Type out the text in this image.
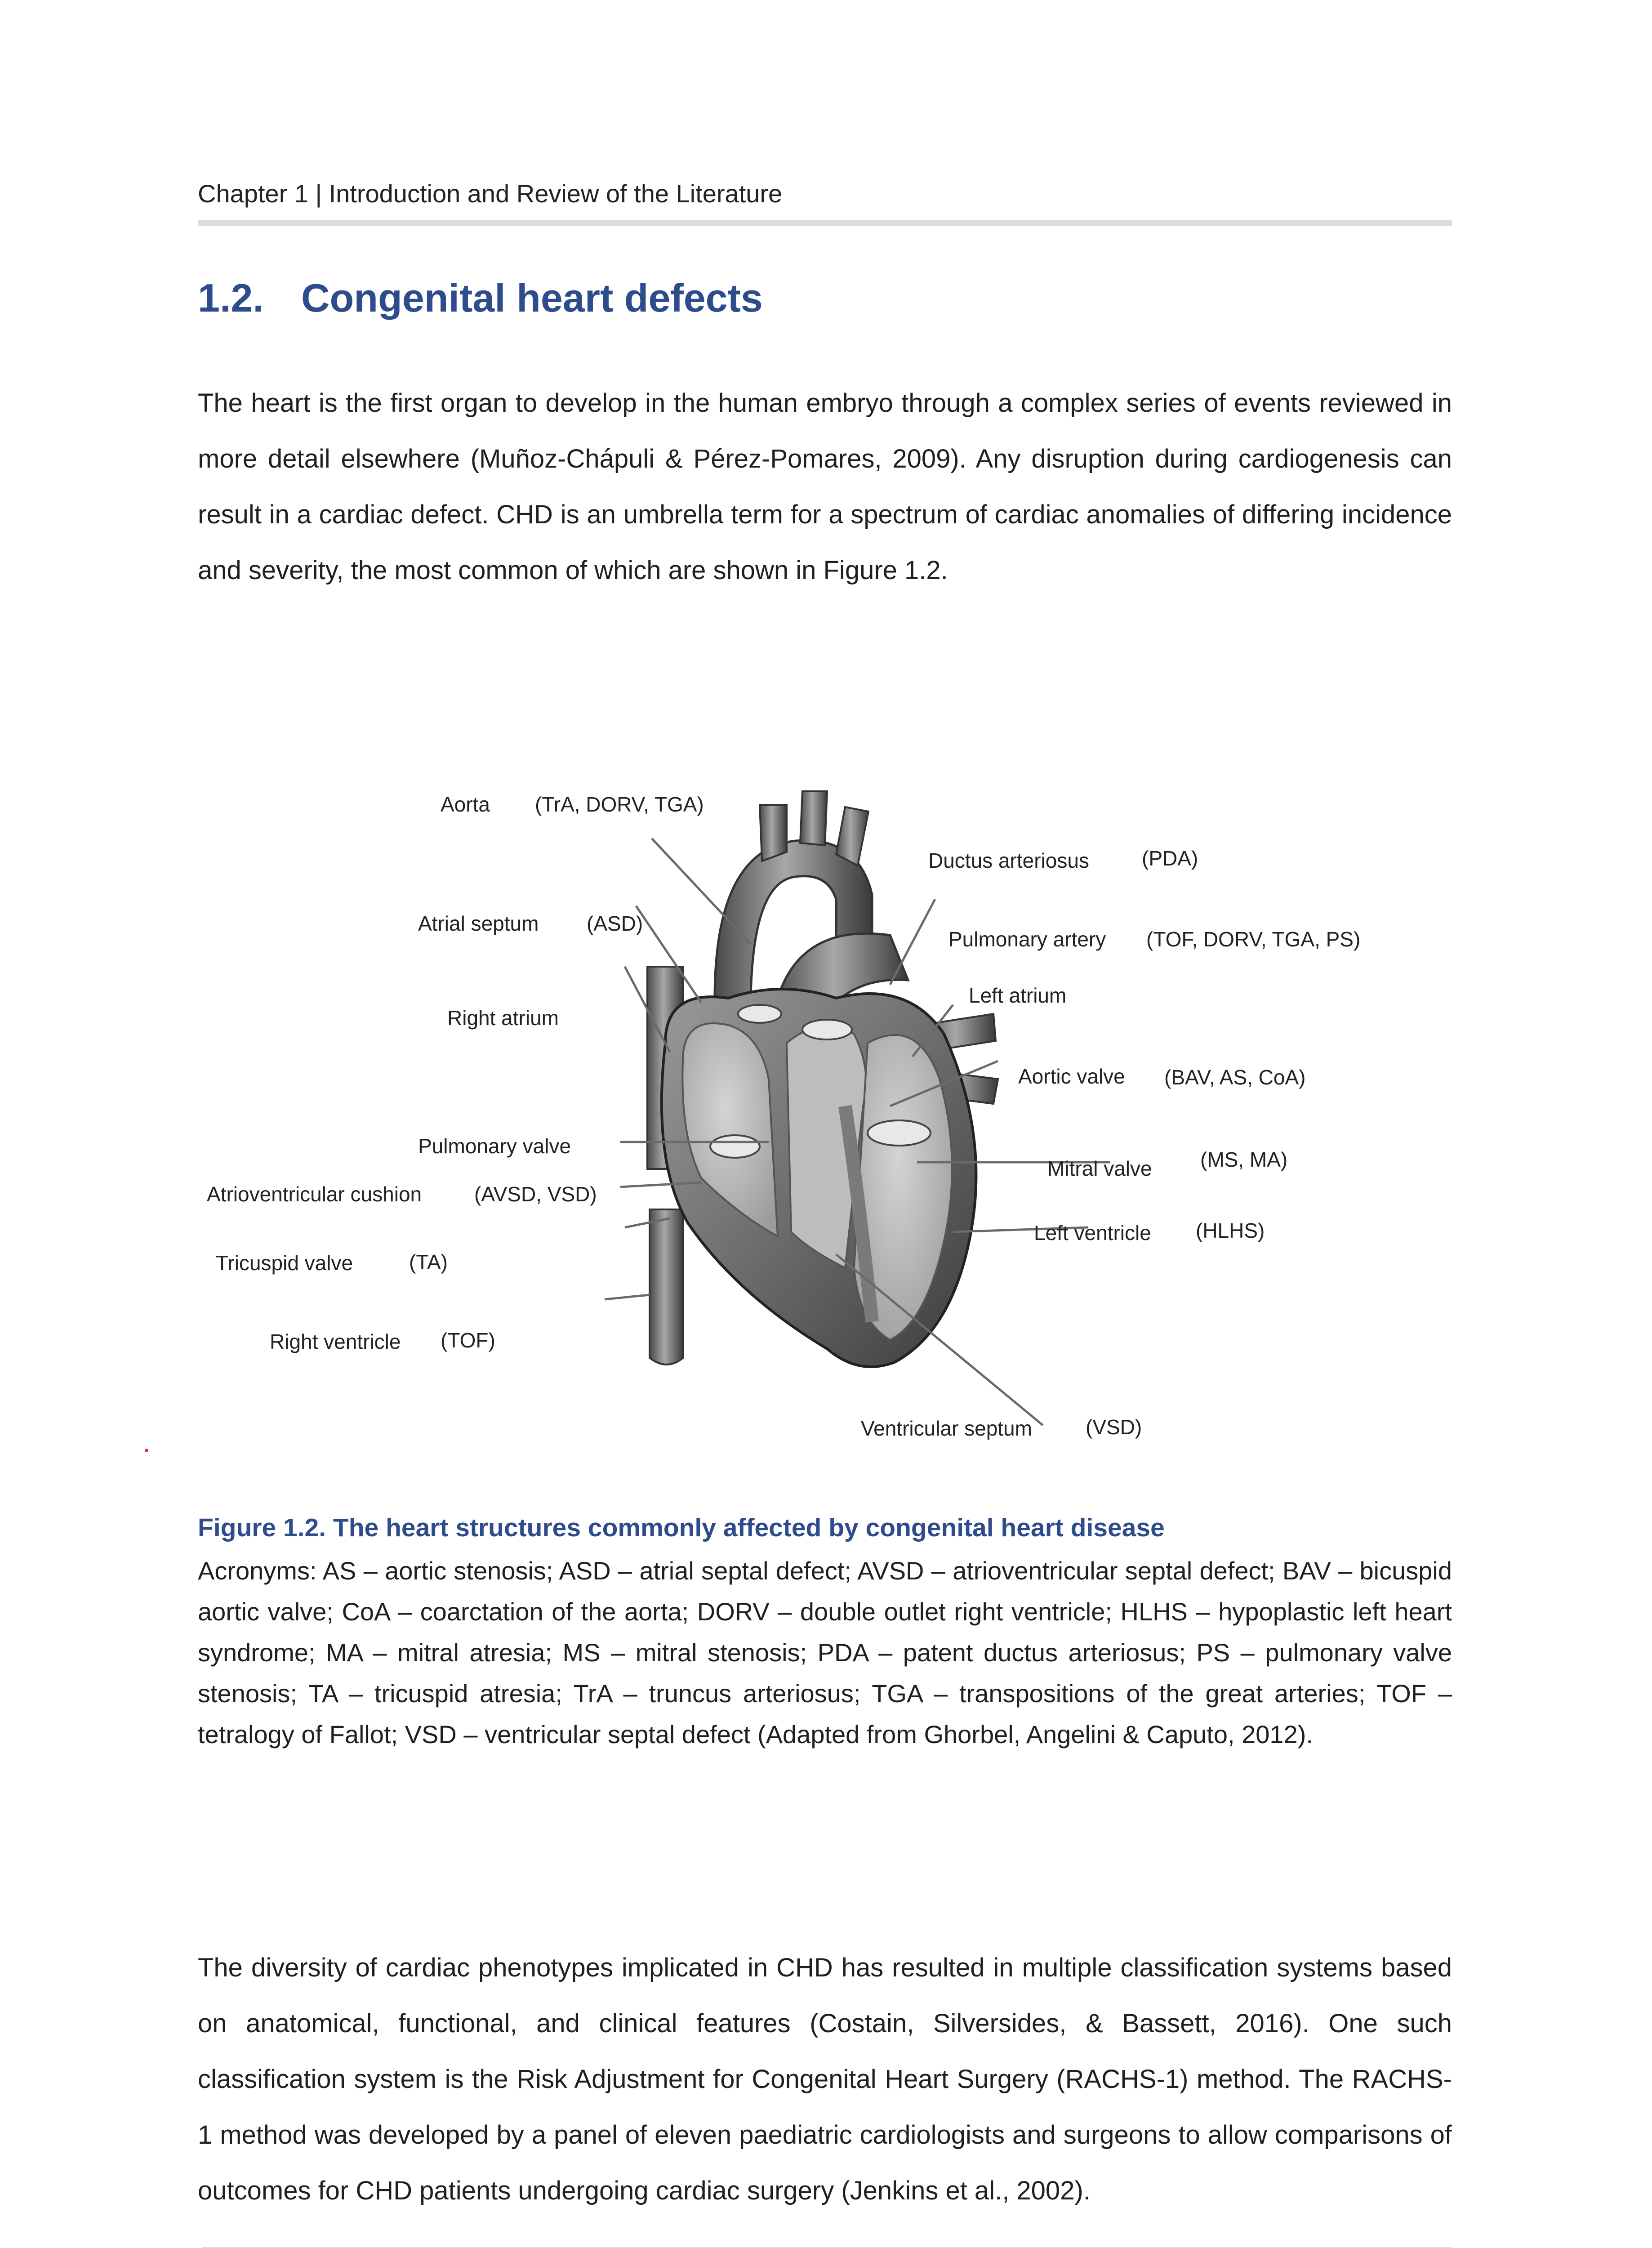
Chapter 1 | Introduction and Review of the Literature
1.2. Congenital heart defects

The heart is the first organ to develop in the human embryo through a complex series of events reviewed in more detail elsewhere (Muñoz-Chápuli & Pérez-Pomares, 2009). Any disruption during cardiogenesis can result in a cardiac defect. CHD is an umbrella term for a spectrum of cardiac anomalies of differing incidence and severity, the most common of which are shown in Figure 1.2.

Aorta (TrA, DORV, TGA)
Ductus arteriosus	(PDA)
Atrial septum (ASD)
Pulmonary artery (TOF, DORV, TGA, PS)
Left atrium
Right atrium
Aortic valve (BAV, AS, CoA)
Pulmonary valve
Mitral valve (MS, MA)
Atrioventricular cushion	(AVSD, VSD)
Left ventricle (HLHS)
Tricuspid valve	(TA)
Right ventricle (TOF)
Ventricular septum	(VSD)
Figure 1.2. The heart structures commonly affected by congenital heart disease
Acronyms: AS – aortic stenosis; ASD – atrial septal defect; AVSD – atrioventricular septal defect; BAV – bicuspid aortic valve; CoA – coarctation of the aorta; DORV – double outlet right ventricle; HLHS – hypoplastic left heart syndrome; MA – mitral atresia; MS – mitral stenosis; PDA – patent ductus arteriosus; PS – pulmonary valve stenosis; TA – tricuspid atresia; TrA – truncus arteriosus; TGA – transpositions of the great arteries; TOF – tetralogy of Fallot; VSD – ventricular septal defect (Adapted from Ghorbel, Angelini & Caputo, 2012).

The diversity of cardiac phenotypes implicated in CHD has resulted in multiple classification systems based on anatomical, functional, and clinical features (Costain, Silversides, & Bassett, 2016). One such classification system is the Risk Adjustment for Congenital Heart Surgery (RACHS-1) method. The RACHS-1 method was developed by a panel of eleven paediatric cardiologists and surgeons to allow comparisons of outcomes for CHD patients undergoing cardiac surgery (Jenkins et al., 2002).
